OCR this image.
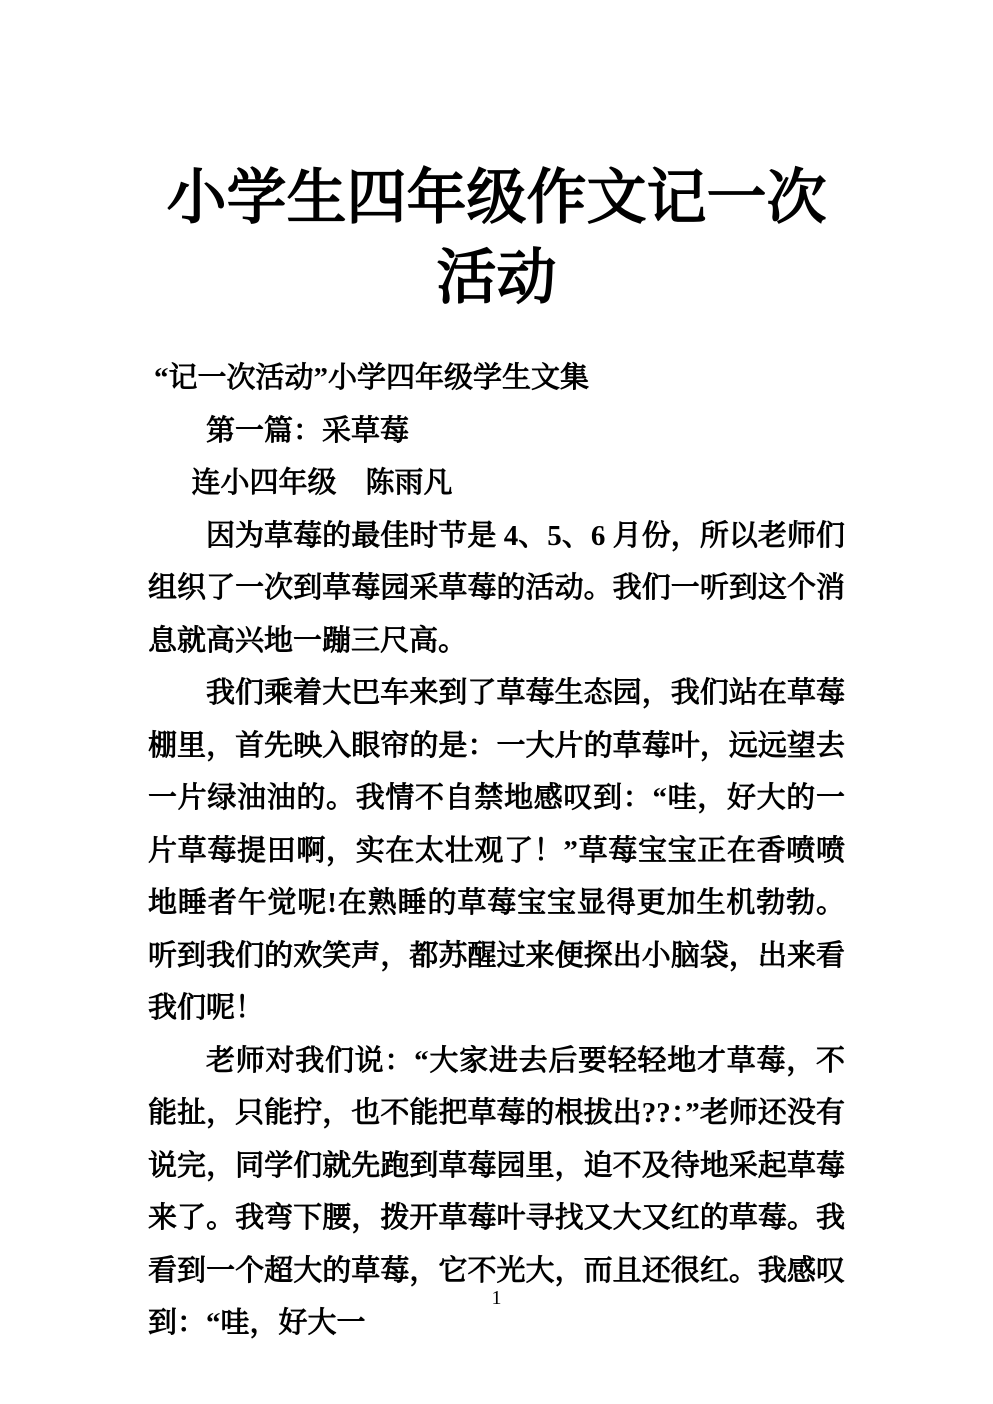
小学生四年级作文记一次
活动

“记一次活动”小学四年级学生文集

第一篇：采草莓

连小四年级　陈雨凡

因为草莓的最佳时节是 4、5、6 月份，所以老师们组织了一次到草莓园采草莓的活动。我们一听到这个消息就高兴地一蹦三尺高。

我们乘着大巴车来到了草莓生态园，我们站在草莓棚里，首先映入眼帘的是：一大片的草莓叶，远远望去一片绿油油的。我情不自禁地感叹到：“哇，好大的一片草莓提田啊，实在太壮观了！”草莓宝宝正在香喷喷地睡者午觉呢!在熟睡的草莓宝宝显得更加生机勃勃。听到我们的欢笑声，都苏醒过来便探出小脑袋，出来看我们呢！

老师对我们说：“大家进去后要轻轻地才草莓，不能扯，只能拧，也不能把草莓的根拔出??：”老师还没有说完，同学们就先跑到草莓园里，迫不及待地采起草莓来了。我弯下腰，拨开草莓叶寻找又大又红的草莓。我看到一个超大的草莓，它不光大，而且还很红。我感叹到：“哇，好大一

1
